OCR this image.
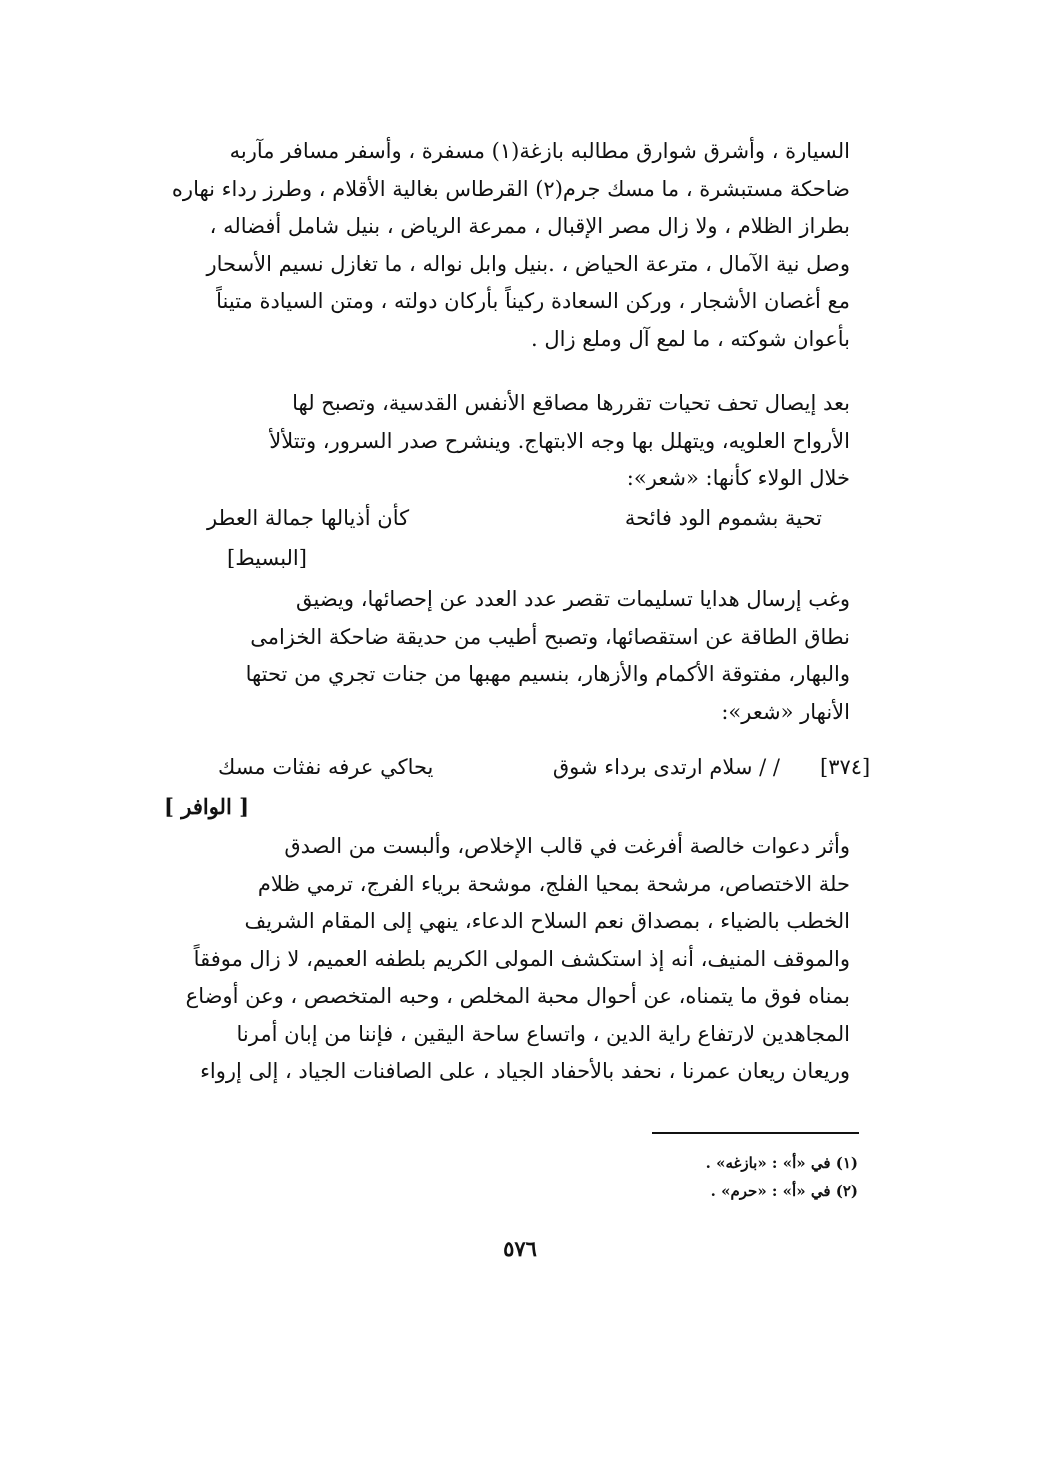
السيارة ، وأشرق شوارق مطالبه بازغة(١) مسفرة ، وأسفر مسافر مآربه
ضاحكة مستبشرة ، ما مسك جرم(٢) القرطاس بغالية الأقلام ، وطرز رداء نهاره
بطراز الظلام ، ولا زال مصر الإقبال ، ممرعة الرياض ، بنيل شامل أفضاله ،
وصل نية الآمال ، مترعة الحياض ، .بنيل وابل نواله ، ما تغازل نسيم الأسحار
مع أغصان الأشجار ، وركن السعادة ركيناً بأركان دولته ، ومتن السيادة متيناً
بأعوان شوكته ، ما لمع آل وملع زال .
بعد إيصال تحف تحيات تقررها مصاقع الأنفس القدسية، وتصبح لها
الأرواح العلويه، ويتهلل بها وجه الابتهاج. وينشرح صدر السرور، وتتلألأ
خلال الولاء كأنها: «شعر»:
تحية بشموم الود فائحة
كأن أذيالها جمالة العطر
[البسيط]
وغب إرسال هدايا تسليمات تقصر عدد العدد عن إحصائها، ويضيق
نطاق الطاقة عن استقصائها، وتصبح أطيب من حديقة ضاحكة الخزامى
والبهار، مفتوقة الأكمام والأزهار، بنسيم مهبها من جنات تجري من تحتها
الأنهار «شعر»:
[٣٧٤]
/ / سلام ارتدى برداء شوق
يحاكي عرفه نفثات مسك
[ الوافر ]
وأثر دعوات خالصة أفرغت في قالب الإخلاص، وألبست من الصدق
حلة الاختصاص، مرشحة بمحيا الفلج، موشحة برياء الفرج، ترمي ظلام
الخطب بالضياء ، بمصداق نعم السلاح الدعاء، ينهي إلى المقام الشريف
والموقف المنيف، أنه إذ استكشف المولى الكريم بلطفه العميم، لا زال موفقاً
بمناه فوق ما يتمناه، عن أحوال محبة المخلص ، وحبه المتخصص ، وعن أوضاع
المجاهدين لارتفاع راية الدين ، واتساع ساحة اليقين ، فإننا من إبان أمرنا
وريعان ريعان عمرنا ، نحفد بالأحفاد الجياد ، على الصافنات الجياد ، إلى إرواء
(١) في «أ» : «بازغه» .
(٢) في «أ» : «حرم» .
٥٧٦
